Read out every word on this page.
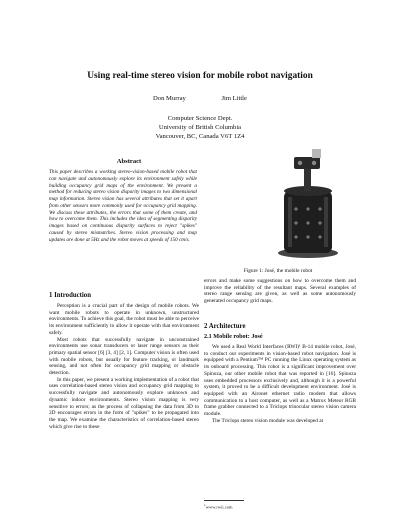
Using real-time stereo vision for mobile robot navigation
Don Murray	Jim Little
Computer Science Dept.
University of British Columbia
Vancouver, BC, Canada V6T 1Z4
Abstract
This paper describes a working stereo-vision-based mobile robot that can navigate and autonomously explore its environment safely while building occupancy grid maps of the environment. We present a method for reducing stereo vision disparity images to two dimensional map information. Stereo vision has several attributes that set it apart from other sensors more commonly used for occupancy grid mapping. We discuss these attributes, the errors that some of them create, and how to overcome them. This includes the idea of segmenting disparity images based on continuous disparity surfaces to reject "spikes" caused by stereo mismatches. Stereo vision processing and map updates are done at 5Hz and the robot moves at speeds of 150 cm/s.
1 Introduction

Perception is a crucial part of the design of mobile robots. We want mobile robots to operate in unknown, unstructured environments. To achieve this goal, the robot must be able to perceive its environment sufficiently to allow it operate with that environment safely.

Most robots that successfully navigate in unconstrained environments use sonar transducers or laser range sensors as their primary spatial sensor [6] [3, 4] [2, 1]. Computer vision is often used with mobile robots, but usually for feature tracking, or landmark sensing, and not often for occupancy grid mapping or obstacle detection.

In this paper, we present a working implementation of a robot that uses correlation-based stereo vision and occupancy grid mapping to successfully navigate and autonomously explore unknown and dynamic indoor environments. Stereo vision mapping is very sensitive to errors; as the process of collapsing the data from 3D to 2D encourages errors in the form of "spikes" to be propagated into the map. We examine the characteristics of correlation-based stereo which give rise to these

Figure 1: José, the mobile robot

errors and make some suggestions on how to overcome them and improve the reliability of the resultant maps. Several examples of stereo range sensing are given, as well as some autonomously generated occupancy grid maps.

2 Architecture
2.1 Mobile robot: José

We used a Real World Interfaces (RWI)¹ B-14 mobile robot, José, to conduct our experiments in vision-based robot navigation. José is equipped with a Pentium™ PC running the Linux operating system as its onboard processing. This robot is a significant improvement over Spinoza, our other mobile robot that was reported in [16]. Spinoza uses embedded processors exclusively and, although it is a powerful system, it proved to be a difficult development environment. José is equipped with an Aironet ethernet radio modem that allows communication to a host computer, as well as a Matrox Meteor RGB frame grabber connected to a Triclops trinocular stereo vision camera module.

The Triclops stereo vision module was developed at

$^1$www.rwii.com
